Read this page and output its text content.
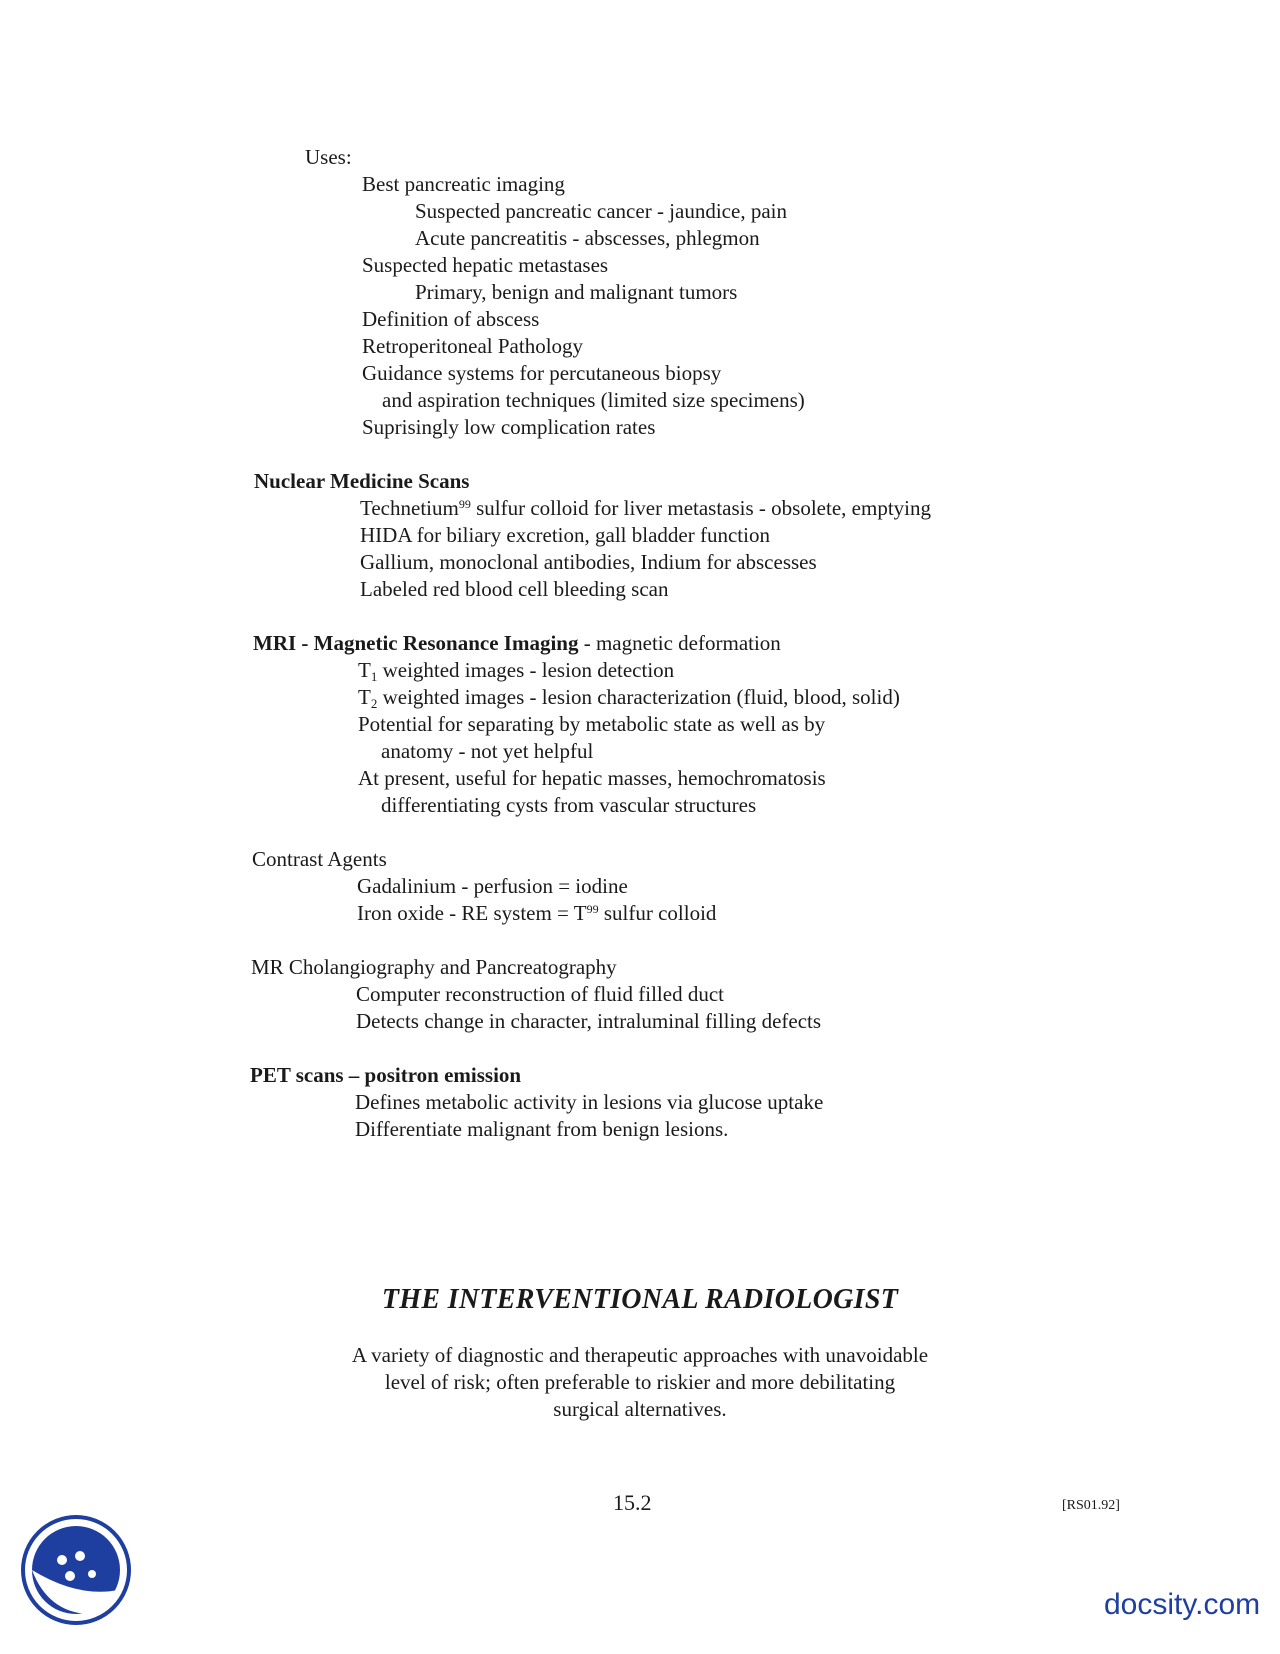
Uses:
Best pancreatic imaging
Suspected pancreatic cancer - jaundice, pain
Acute pancreatitis - abscesses, phlegmon
Suspected hepatic metastases
Primary, benign and malignant tumors
Definition of abscess
Retroperitoneal Pathology
Guidance systems for percutaneous biopsy
and aspiration techniques (limited size specimens)
Suprisingly low complication rates
Nuclear Medicine Scans
Technetium$^{99}$ sulfur colloid for liver metastasis - obsolete, emptying
HIDA for biliary excretion, gall bladder function
Gallium, monoclonal antibodies, Indium for abscesses
Labeled red blood cell bleeding scan
MRI - Magnetic Resonance Imaging - magnetic deformation
$T_1$ weighted images - lesion detection
$T_2$ weighted images - lesion characterization (fluid, blood, solid)
Potential for separating by metabolic state as well as by
anatomy - not yet helpful
At present, useful for hepatic masses, hemochromatosis
differentiating cysts from vascular structures
Contrast Agents
Gadalinium - perfusion = iodine
Iron oxide - RE system = $T^{99}$ sulfur colloid
MR Cholangiography and Pancreatography
Computer reconstruction of fluid filled duct
Detects change in character, intraluminal filling defects
PET scans – positron emission
Defines metabolic activity in lesions via glucose uptake
Differentiate malignant from benign lesions.
THE INTERVENTIONAL RADIOLOGIST
A variety of diagnostic and therapeutic approaches with unavoidable
level of risk; often preferable to riskier and more debilitating
surgical alternatives.
15.2	[RS01.92]
docsity.com
